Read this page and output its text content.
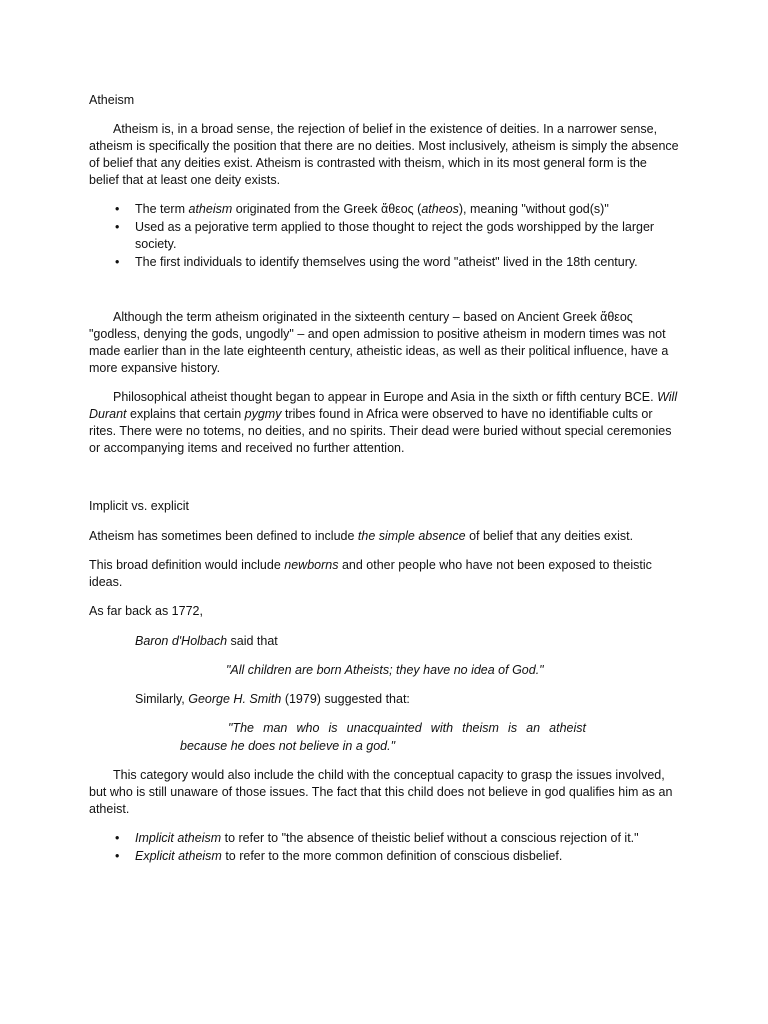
Atheism

Atheism is, in a broad sense, the rejection of belief in the existence of deities. In a narrower sense, atheism is specifically the position that there are no deities. Most inclusively, atheism is simply the absence of belief that any deities exist. Atheism is contrasted with theism, which in its most general form is the belief that at least one deity exists.

• The term atheism originated from the Greek ἄθεος (atheos), meaning "without god(s)"
• Used as a pejorative term applied to those thought to reject the gods worshipped by the larger society.
• The first individuals to identify themselves using the word "atheist" lived in the 18th century.

Although the term atheism originated in the sixteenth century – based on Ancient Greek ἄθεος "godless, denying the gods, ungodly" – and open admission to positive atheism in modern times was not made earlier than in the late eighteenth century, atheistic ideas, as well as their political influence, have a more expansive history.

Philosophical atheist thought began to appear in Europe and Asia in the sixth or fifth century BCE. Will Durant explains that certain pygmy tribes found in Africa were observed to have no identifiable cults or rites. There were no totems, no deities, and no spirits. Their dead were buried without special ceremonies or accompanying items and received no further attention.

Implicit vs. explicit

Atheism has sometimes been defined to include the simple absence of belief that any deities exist.

This broad definition would include newborns and other people who have not been exposed to theistic ideas.

As far back as 1772,

Baron d'Holbach said that

"All children are born Atheists; they have no idea of God."

Similarly, George H. Smith (1979) suggested that:

"The man who is unacquainted with theism is an atheist

because he does not believe in a god."

This category would also include the child with the conceptual capacity to grasp the issues involved, but who is still unaware of those issues. The fact that this child does not believe in god qualifies him as an atheist.

• Implicit atheism to refer to "the absence of theistic belief without a conscious rejection of it."
• Explicit atheism to refer to the more common definition of conscious disbelief.
